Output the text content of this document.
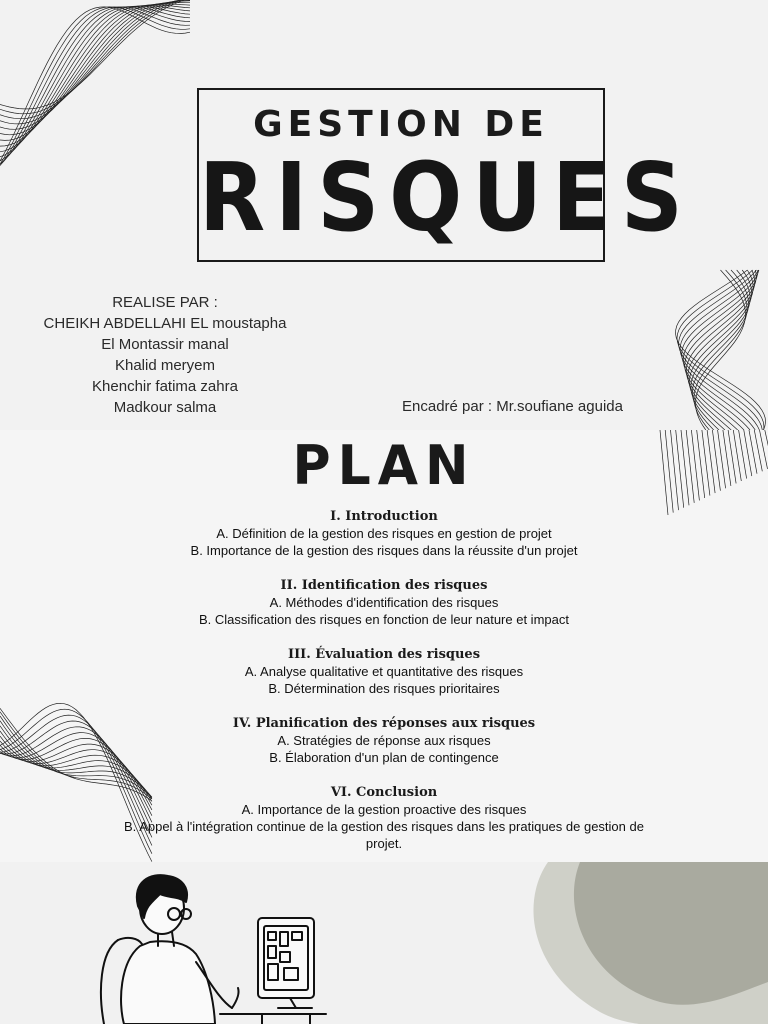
GESTION DE
RISQUES
REALISE PAR :
CHEIKH ABDELLAHI EL moustapha
El Montassir manal
Khalid meryem
Khenchir fatima zahra
Madkour salma	Encadré par : Mr.soufiane aguida
PLAN
I. Introduction

A. Définition de la gestion des risques en gestion de projet

B. Importance de la gestion des risques dans la réussite d'un projet

II. Identification des risques

A. Méthodes d'identification des risques

B. Classification des risques en fonction de leur nature et impact

III. Évaluation des risques

A. Analyse qualitative et quantitative des risques

B. Détermination des risques prioritaires

IV. Planification des réponses aux risques

A. Stratégies de réponse aux risques

B. Élaboration d'un plan de contingence

VI. Conclusion

A. Importance de la gestion proactive des risques

B. Appel à l'intégration continue de la gestion des risques dans les pratiques de gestion de projet.
